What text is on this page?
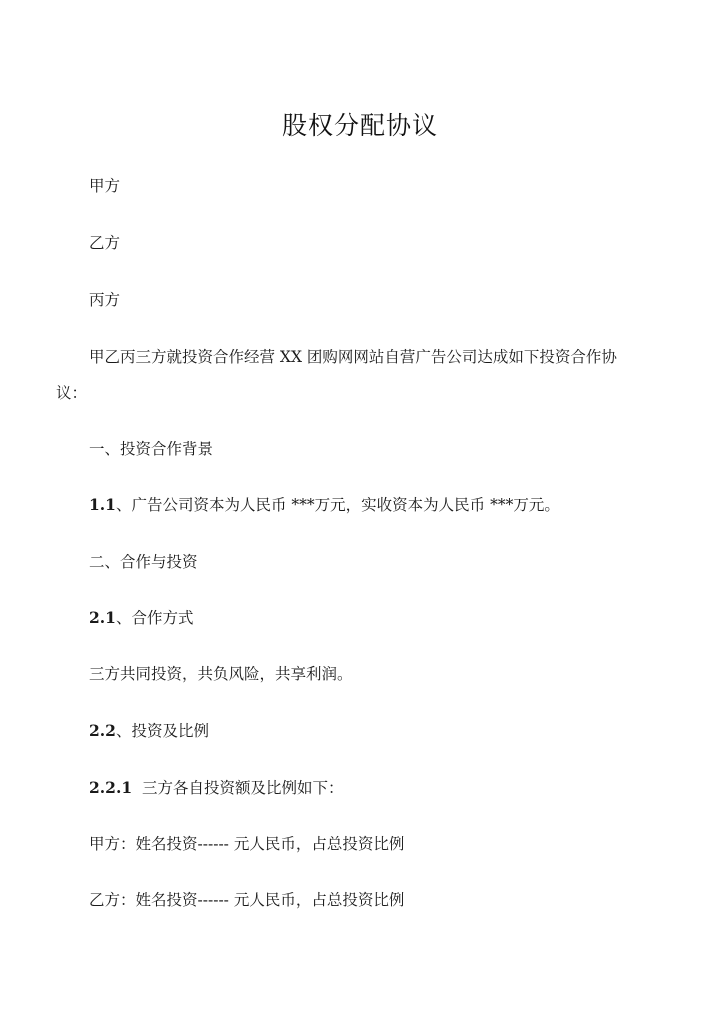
股权分配协议
甲方
乙方
丙方
甲乙丙三方就投资合作经营 XX 团购网网站自营广告公司达成如下投资合作协
议：
一、投资合作背景
1.1、广告公司资本为人民币 ***万元，实收资本为人民币 ***万元。
二、合作与投资
2.1、合作方式
三方共同投资，共负风险，共享利润。
2.2、投资及比例
2.2.1  三方各自投资额及比例如下：
甲方：姓名投资------ 元人民币，占总投资比例
乙方：姓名投资------ 元人民币，占总投资比例
